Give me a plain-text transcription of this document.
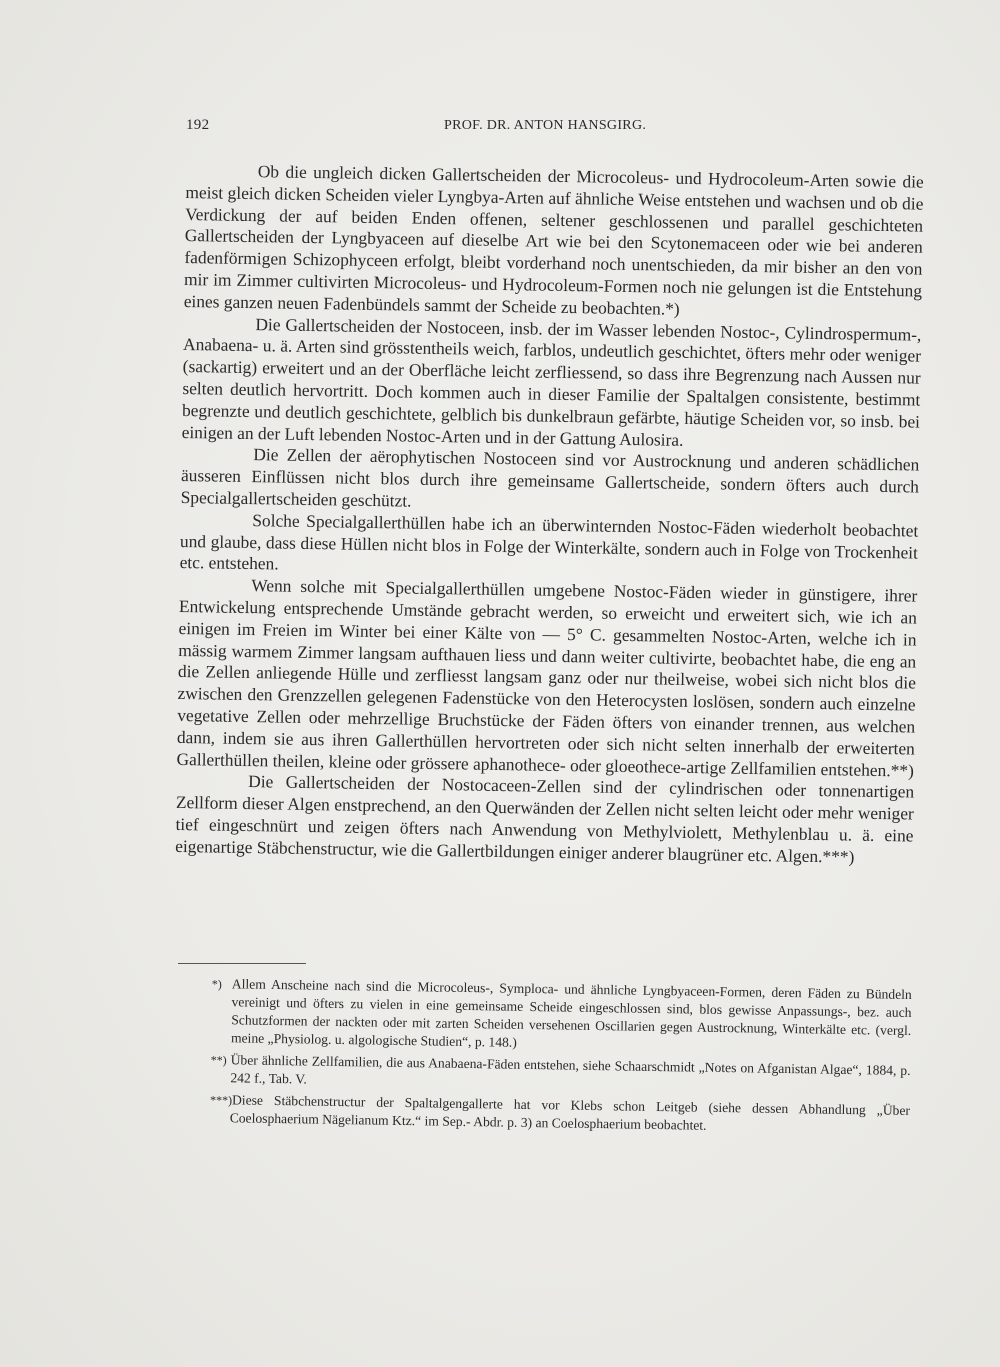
192	PROF. DR. ANTON HANSGIRG.

Ob die ungleich dicken Gallertscheiden der Microcoleus- und Hydrocoleum-Arten sowie die meist gleich dicken Scheiden vieler Lyngbya-Arten auf ähnliche Weise entstehen und wachsen und ob die Verdickung der auf beiden Enden offenen, seltener geschlossenen und parallel geschichteten Gallertscheiden der Lyngbyaceen auf dieselbe Art wie bei den Scytonemaceen oder wie bei anderen fadenförmigen Schizophyceen erfolgt, bleibt vorderhand noch unentschieden, da mir bisher an den von mir im Zimmer cultivirten Microcoleus- und Hydrocoleum-Formen noch nie gelungen ist die Entstehung eines ganzen neuen Fadenbündels sammt der Scheide zu beobachten.*)

Die Gallertscheiden der Nostoceen, insb. der im Wasser lebenden Nostoc-, Cylindrospermum-, Anabaena- u. ä. Arten sind grösstentheils weich, farblos, undeutlich geschichtet, öfters mehr oder weniger (sackartig) erweitert und an der Oberfläche leicht zerfliessend, so dass ihre Begrenzung nach Aussen nur selten deutlich hervortritt. Doch kommen auch in dieser Familie der Spaltalgen consistente, bestimmt begrenzte und deutlich geschichtete, gelblich bis dunkelbraun gefärbte, häutige Scheiden vor, so insb. bei einigen an der Luft lebenden Nostoc-Arten und in der Gattung Aulosira.

Die Zellen der aërophytischen Nostoceen sind vor Austrocknung und anderen schädlichen äusseren Einflüssen nicht blos durch ihre gemeinsame Gallertscheide, sondern öfters auch durch Specialgallertscheiden geschützt.

Solche Specialgallerthüllen habe ich an überwinternden Nostoc-Fäden wiederholt beobachtet und glaube, dass diese Hüllen nicht blos in Folge der Winterkälte, sondern auch in Folge von Trockenheit etc. entstehen.

Wenn solche mit Specialgallerthüllen umgebene Nostoc-Fäden wieder in günstigere, ihrer Entwickelung entsprechende Umstände gebracht werden, so erweicht und erweitert sich, wie ich an einigen im Freien im Winter bei einer Kälte von — 5° C. gesammelten Nostoc-Arten, welche ich in mässig warmem Zimmer langsam aufthauen liess und dann weiter cultivirte, beobachtet habe, die eng an die Zellen anliegende Hülle und zerfliesst langsam ganz oder nur theilweise, wobei sich nicht blos die zwischen den Grenzzellen gelegenen Fadenstücke von den Heterocysten loslösen, sondern auch einzelne vegetative Zellen oder mehrzellige Bruchstücke der Fäden öfters von einander trennen, aus welchen dann, indem sie aus ihren Gallerthüllen hervortreten oder sich nicht selten innerhalb der erweiterten Gallerthüllen theilen, kleine oder grössere aphanothece- oder gloeothece-artige Zellfamilien entstehen.**)

Die Gallertscheiden der Nostocaceen-Zellen sind der cylindrischen oder tonnenartigen Zellform dieser Algen enstprechend, an den Querwänden der Zellen nicht selten leicht oder mehr weniger tief eingeschnürt und zeigen öfters nach Anwendung von Methylviolett, Methylenblau u. ä. eine eigenartige Stäbchenstructur, wie die Gallertbildungen einiger anderer blaugrüner etc. Algen.***)

*) Allem Anscheine nach sind die Microcoleus-, Symploca- und ähnliche Lyngbyaceen-Formen, deren Fäden zu Bündeln vereinigt und öfters zu vielen in eine gemeinsame Scheide eingeschlossen sind, blos gewisse Anpassungs-, bez. auch Schutzformen der nackten oder mit zarten Scheiden versehenen Oscillarien gegen Austrocknung, Winterkälte etc. (vergl. meine „Physiolog. u. algologische Studien“, p. 148.)
**) Über ähnliche Zellfamilien, die aus Anabaena-Fäden entstehen, siehe Schaarschmidt „Notes on Afganistan Algae“, 1884, p. 242 f., Tab. V.
***)Diese Stäbchenstructur der Spaltalgengallerte hat vor Klebs schon Leitgeb (siehe dessen Abhandlung „Über Coelosphaerium Nägelianum Ktz.“ im Sep.- Abdr. p. 3) an Coelosphaerium beobachtet.
